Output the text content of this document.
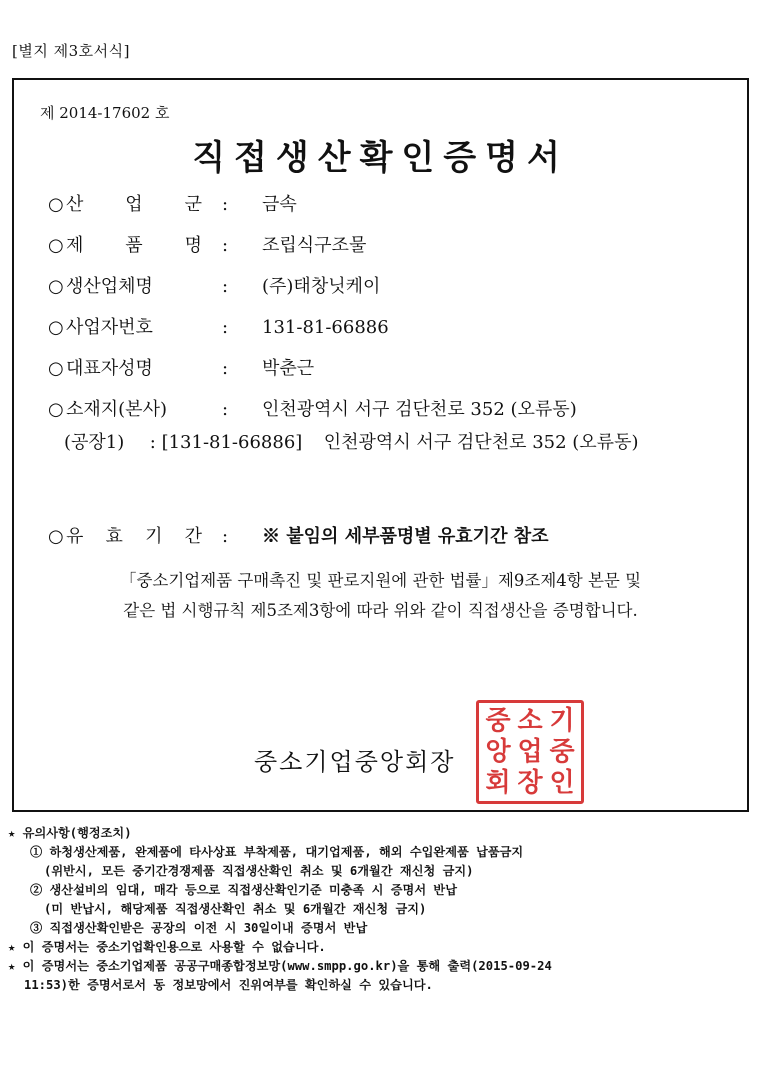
[별지 제3호서식]
제 2014-17602 호
직접생산확인증명서
○ 산 업 군 : 금속
○ 제 품 명 : 조립식구조물
○ 생산업체명	: (주)태창닛케이
○ 사업자번호	: 131-81-66886
○ 대표자성명	: 박춘근
○ 소재지(본사)	: 인천광역시 서구 검단천로 352 (오류동)
(공장1) : [131-81-66886] 인천광역시 서구 검단천로 352 (오류동)
○ 유 효 기 간 : ※ 붙임의 세부품명별 유효기간 참조
「중소기업제품 구매촉진 및 판로지원에 관한 법률」제9조제4항 본문 및
같은 법 시행규칙 제5조제3항에 따라 위와 같이 직접생산을 증명합니다.
중소기업중앙회장
중 소 기
앙 업 중
회 장 인
★ 유의사항(행정조치)
① 하청생산제품, 완제품에 타사상표 부착제품, 대기업제품, 해외 수입완제품 납품금지
(위반시, 모든 중기간경쟁제품 직접생산확인 취소 및 6개월간 재신청 금지)
② 생산설비의 임대, 매각 등으로 직접생산확인기준 미충족 시 증명서 반납
(미 반납시, 해당제품 직접생산확인 취소 및 6개월간 재신청 금지)
③ 직접생산확인받은 공장의 이전 시 30일이내 증명서 반납
★ 이 증명서는 중소기업확인용으로 사용할 수 없습니다.
★ 이 증명서는 중소기업제품 공공구매종합정보망(www.smpp.go.kr)을 통해 출력(2015-09-24
11:53)한 증명서로서 동 정보망에서 진위여부를 확인하실 수 있습니다.
